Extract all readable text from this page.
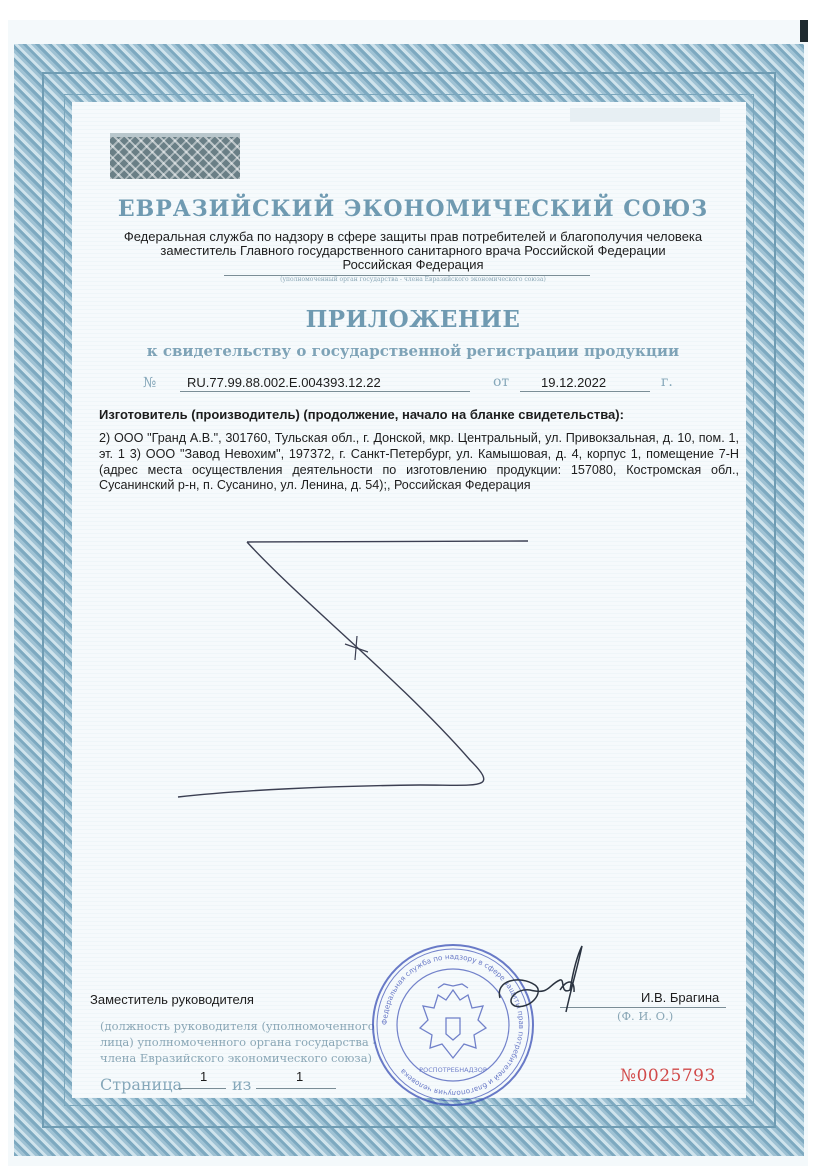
ЕВРАЗИЙСКИЙ ЭКОНОМИЧЕСКИЙ СОЮЗ
Федеральная служба по надзору в сфере защиты прав потребителей и благополучия человека
заместитель Главного государственного санитарного врача Российской Федерации
Российская Федерация
(уполномоченный орган государства - члена Евразийского экономического союза)
ПРИЛОЖЕНИЕ
к свидетельству о государственной регистрации продукции
№ RU.77.99.88.002.Е.004393.12.22	от 19.12.2022	г.
Изготовитель (производитель) (продолжение, начало на бланке свидетельства):
2) ООО "Гранд А.В.", 301760, Тульская обл., г. Донской, мкр. Центральный, ул. Привокзальная, д. 10, пом. 1, эт. 1 3) ООО "Завод Невохим", 197372, г. Санкт-Петербург, ул. Камышовая, д. 4, корпус 1, помещение 7-Н (адрес места осуществления деятельности по изготовлению продукции: 157080, Костромская обл., Сусанинский р-н, п. Сусанино, ул. Ленина, д. 54);, Российская Федерация
Заместитель руководителя	И.В. Брагина
(должность руководителя (уполномоченного
лица) уполномоченного органа государства -
члена Евразийского экономического союза)
(Ф. И. О.)
Страница 1 из	1	№0025793
Федеральная служба по надзору в сфере защиты прав потребителей и благополучия человека	РОСПОТРЕБНАДЗОР
